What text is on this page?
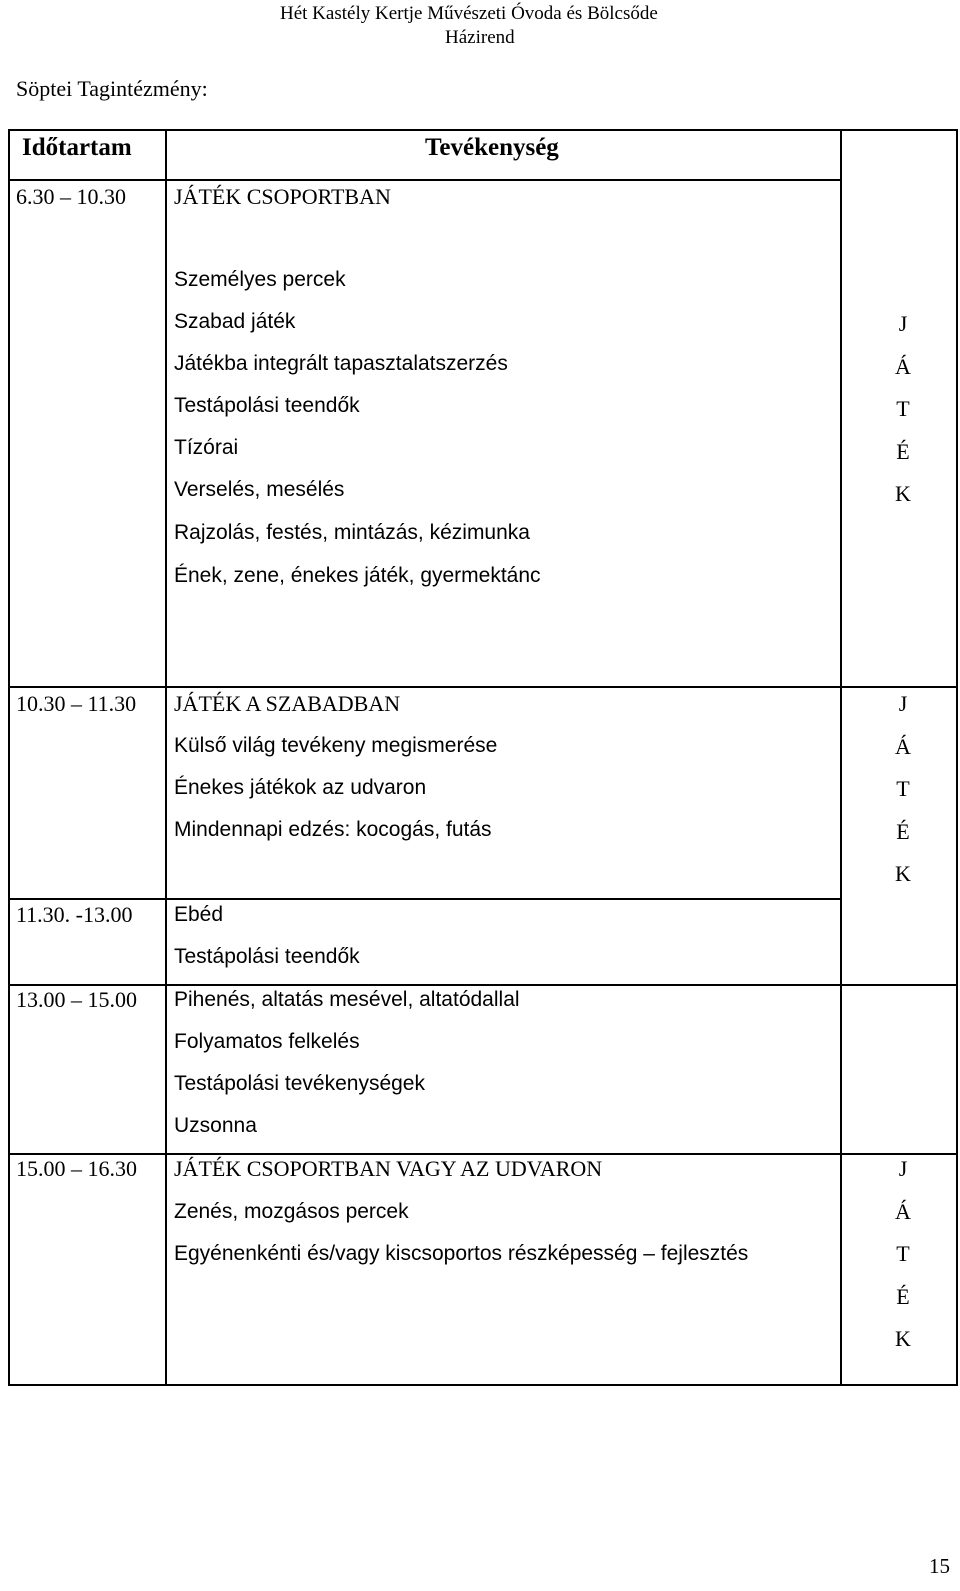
Hét Kastély Kertje Művészeti Óvoda és Bölcsőde
Házirend
Söptei Tagintézmény:
Időtartam	Tevékenység
6.30 – 10.30 JÁTÉK CSOPORTBAN
Személyes percek
Szabad játék
Játékba integrált tapasztalatszerzés
Testápolási teendők
Tízórai
Verselés, mesélés
Rajzolás, festés, mintázás, kézimunka
Ének, zene, énekes játék, gyermektánc
J
Á
T
É
K
10.30 – 11.30 JÁTÉK A SZABADBAN
Külső világ tevékeny megismerése
Énekes játékok az udvaron
Mindennapi edzés: kocogás, futás
J
Á
T
É
K
11.30. -13.00 Ebéd
Testápolási teendők
13.00 – 15.00 Pihenés, altatás mesével, altatódallal
Folyamatos felkelés
Testápolási tevékenységek
Uzsonna
15.00 – 16.30 JÁTÉK CSOPORTBAN VAGY AZ UDVARON
Zenés, mozgásos percek
Egyénenkénti és/vagy kiscsoportos részképesség – fejlesztés
J
Á
T
É
K
15
